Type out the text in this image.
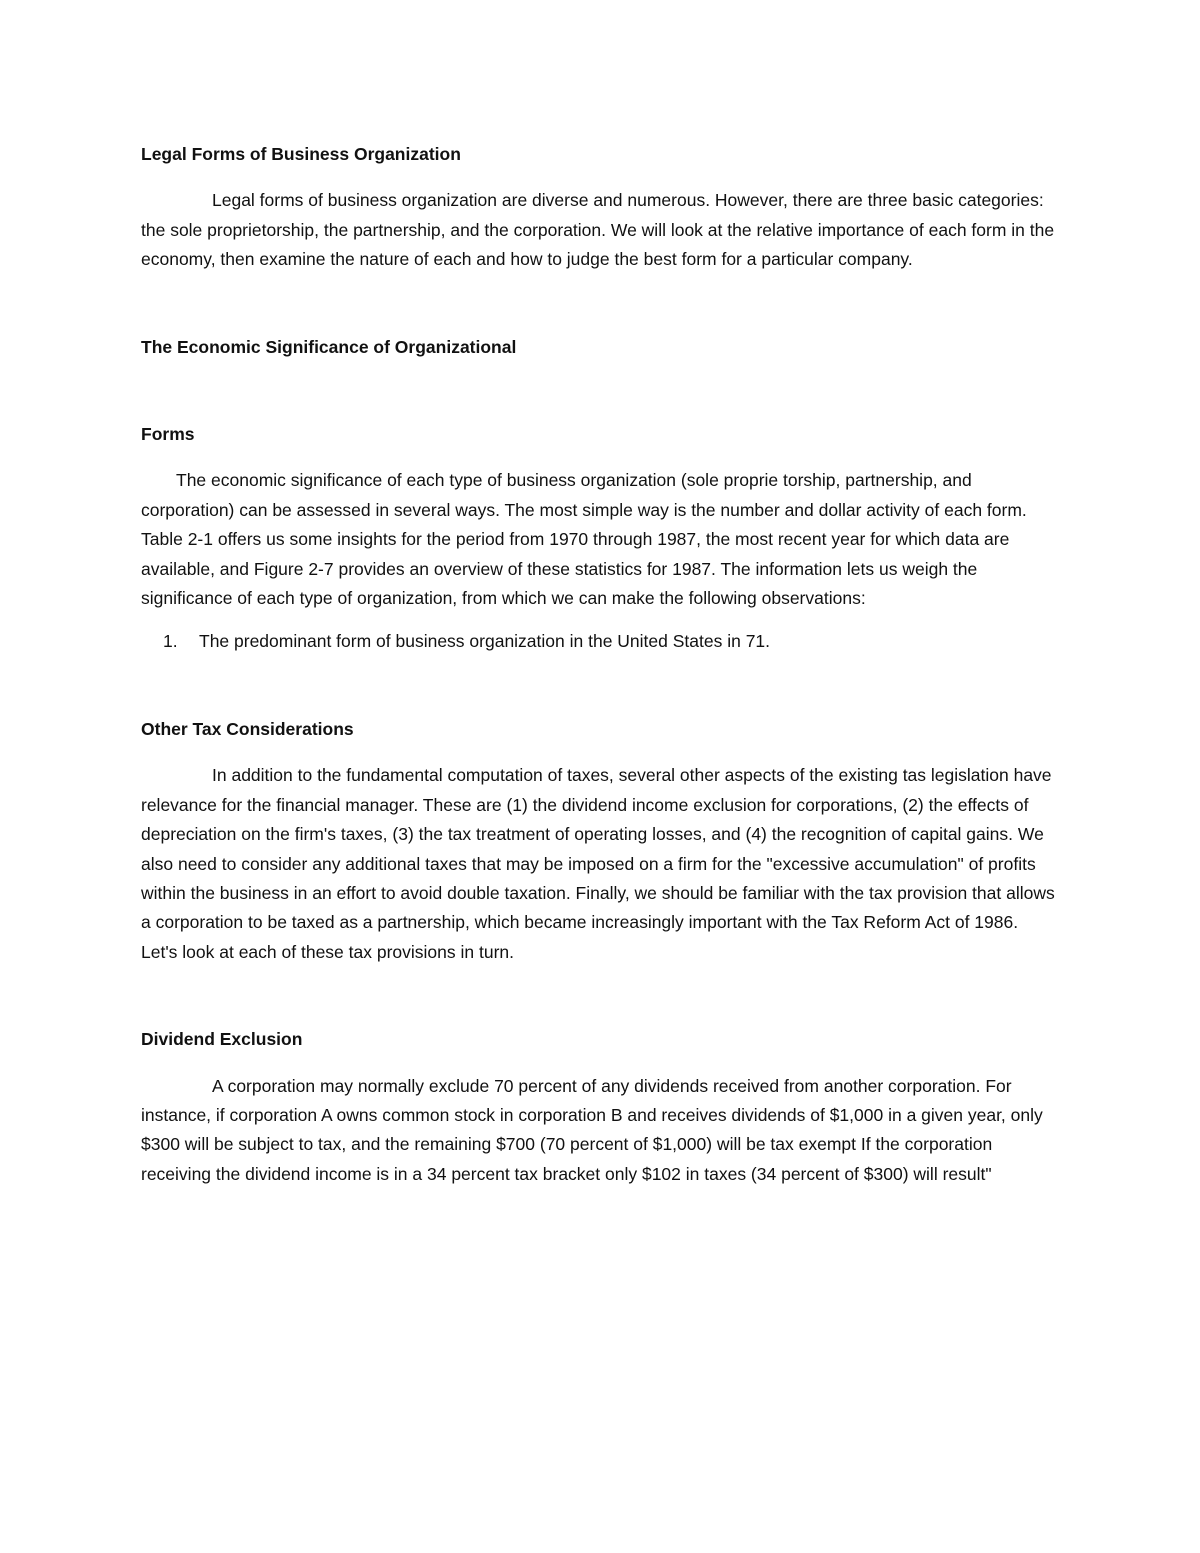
Legal Forms of Business Organization

Legal forms of business organization are diverse and numerous. However, there are three basic categories: the sole proprietorship, the partnership, and the corporation. We will look at the relative importance of each form in the economy, then examine the nature of each and how to judge the best form for a particular company.

The Economic Significance of Organizational

Forms

The economic significance of each type of business organization (sole proprie torship, partnership, and corporation) can be assessed in several ways. The most simple way is the number and dollar activity of each form. Table 2-1 offers us some insights for the period from 1970 through 1987, the most recent year for which data are available, and Figure 2-7 provides an overview of these statistics for 1987. The information lets us weigh the significance of each type of organization, from which we can make the following observations:

1.	The predominant form of business organization in the United States in 71.

Other Tax Considerations

In addition to the fundamental computation of taxes, several other aspects of the existing tas legislation have relevance for the financial manager. These are (1) the dividend income exclusion for corporations, (2) the effects of depreciation on the firm's taxes, (3) the tax treatment of operating losses, and (4) the recognition of capital gains. We also need to consider any additional taxes that may be imposed on a firm for the "excessive accumulation" of profits within the business in an effort to avoid double taxation. Finally, we should be familiar with the tax provision that allows a corporation to be taxed as a partnership, which became increasingly important with the Tax Reform Act of 1986. Let's look at each of these tax provisions in turn.

Dividend Exclusion

A corporation may normally exclude 70 percent of any dividends received from another corporation. For instance, if corporation A owns common stock in corporation B and receives dividends of $1,000 in a given year, only $300 will be subject to tax, and the remaining $700 (70 percent of $1,000) will be tax exempt If the corporation receiving the dividend income is in a 34 percent tax bracket only $102 in taxes (34 percent of $300) will result"
